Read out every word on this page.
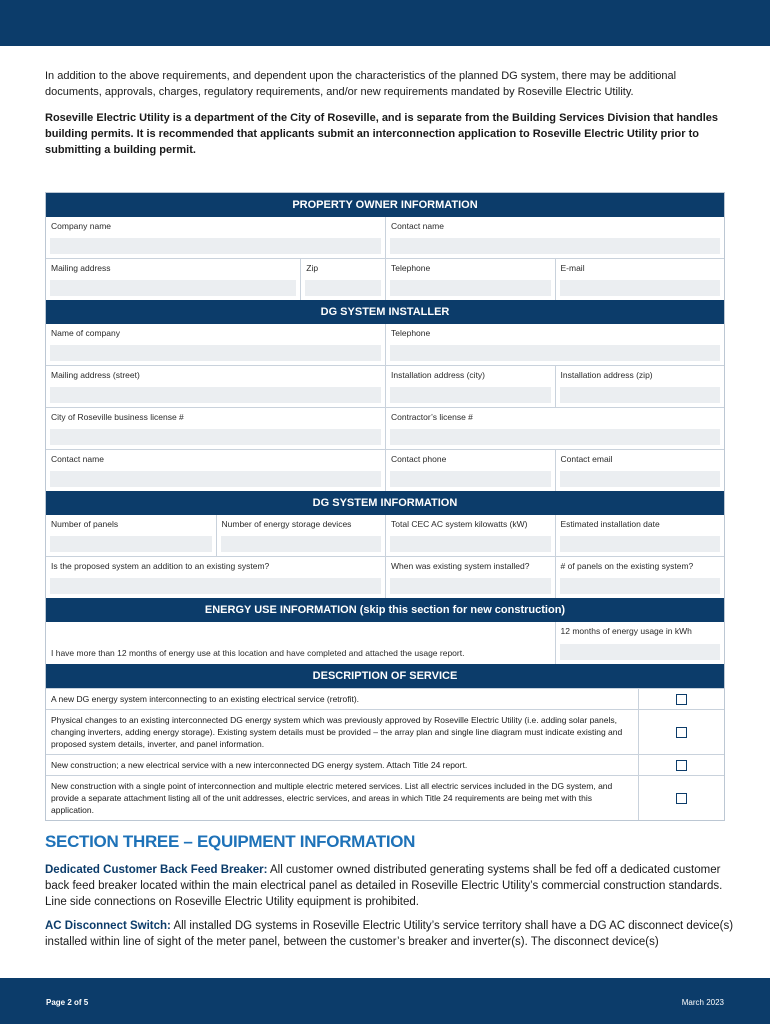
In addition to the above requirements, and dependent upon the characteristics of the planned DG system, there may be additional documents, approvals, charges, regulatory requirements, and/or new requirements mandated by Roseville Electric Utility.

Roseville Electric Utility is a department of the City of Roseville, and is separate from the Building Services Division that handles building permits. It is recommended that applicants submit an interconnection application to Roseville Electric Utility prior to submitting a building permit.

PROPERTY OWNER INFORMATION
Company name	Contact name
Mailing address	Zip	Telephone	E-mail
DG SYSTEM INSTALLER
Name of company	Telephone
Mailing address (street)	Installation address (city)	Installation address (zip)
City of Roseville business license #	Contractor’s license #
Contact name	Contact phone	Contact email
DG SYSTEM INFORMATION
Number of panels	Number of energy storage devices	Total CEC AC system kilowatts (kW)	Estimated installation date
Is the proposed system an addition to an existing system?	When was existing system installed?	# of panels on the existing system?
ENERGY USE INFORMATION (skip this section for new construction)
I have more than 12 months of energy use at this location and have completed and attached the usage report.
12 months of energy usage in kWh
DESCRIPTION OF SERVICE
A new DG energy system interconnecting to an existing electrical service (retrofit).
Physical changes to an existing interconnected DG energy system which was previously approved by Roseville Electric Utility (i.e. adding solar panels, changing inverters, adding energy storage). Existing system details must be provided – the array plan and single line diagram must indicate existing and proposed system details, inverter, and panel information.
New construction; a new electrical service with a new interconnected DG energy system. Attach Title 24 report.
New construction with a single point of interconnection and multiple electric metered services. List all electric services included in the DG system, and provide a separate attachment listing all of the unit addresses, electric services, and areas in which Title 24 requirements are being met with this application.
SECTION THREE – EQUIPMENT INFORMATION

Dedicated Customer Back Feed Breaker: All customer owned distributed generating systems shall be fed off a dedicated customer back feed breaker located within the main electrical panel as detailed in Roseville Electric Utility’s commercial construction standards. Line side connections on Roseville Electric Utility equipment is prohibited.

AC Disconnect Switch: All installed DG systems in Roseville Electric Utility’s service territory shall have a DG AC disconnect device(s) installed within line of sight of the meter panel, between the customer’s breaker and inverter(s). The disconnect device(s)

Page 2 of 5	March 2023
